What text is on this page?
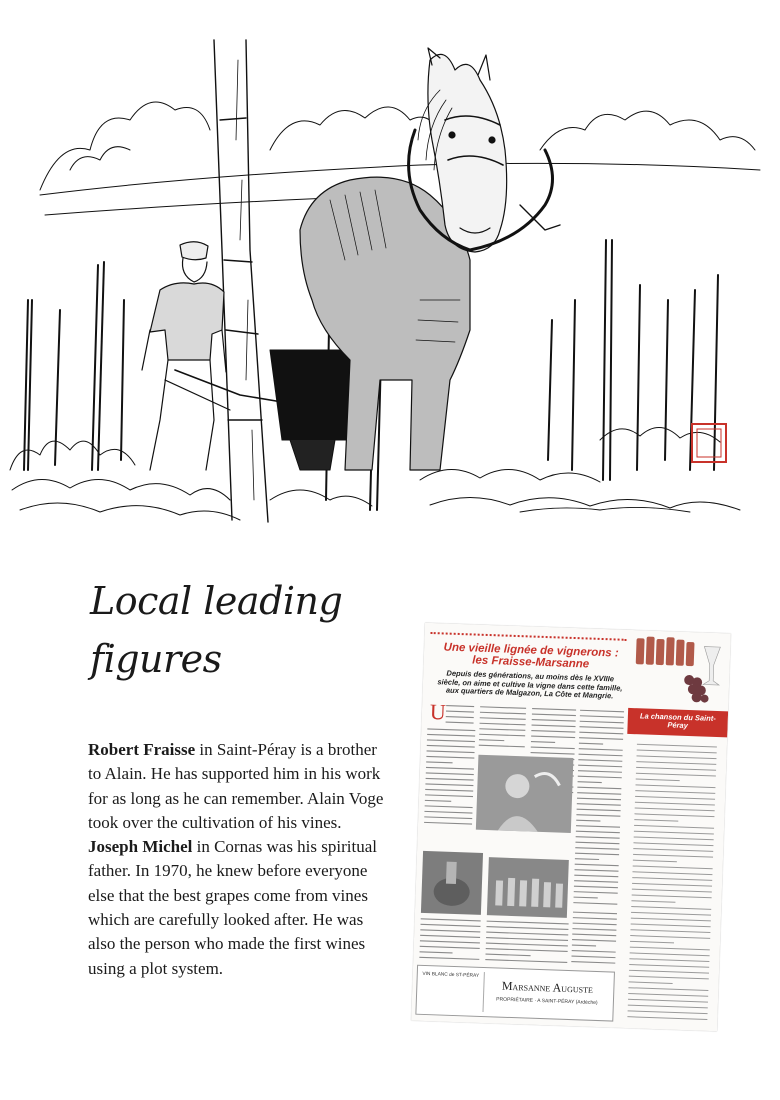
Local leading
figures

Robert Fraisse in Saint-Péray is a brother to Alain. He has supported him in his work for as long as he can remember. Alain Voge took over the cultivation of his vines. Joseph Michel in Cornas was his spiritual father. In 1970, he knew before everyone else that the best grapes come from vines which are carefully looked after. He was also the person who made the first wines using a plot system.

Une vieille lignée de vignerons : les Fraisse-Marsanne
Depuis des générations, au moins dès le XVIIIe siècle, on aime et cultive la vigne dans cette famille, aux quartiers de Malgazon, La Côte et Mangrie.
U
VIN BLANC de ST-PÉRAY
Marsanne Auguste
PROPRIÉTAIRE · A SAINT-PÉRAY (Ardèche)
La chanson du Saint-Péray
